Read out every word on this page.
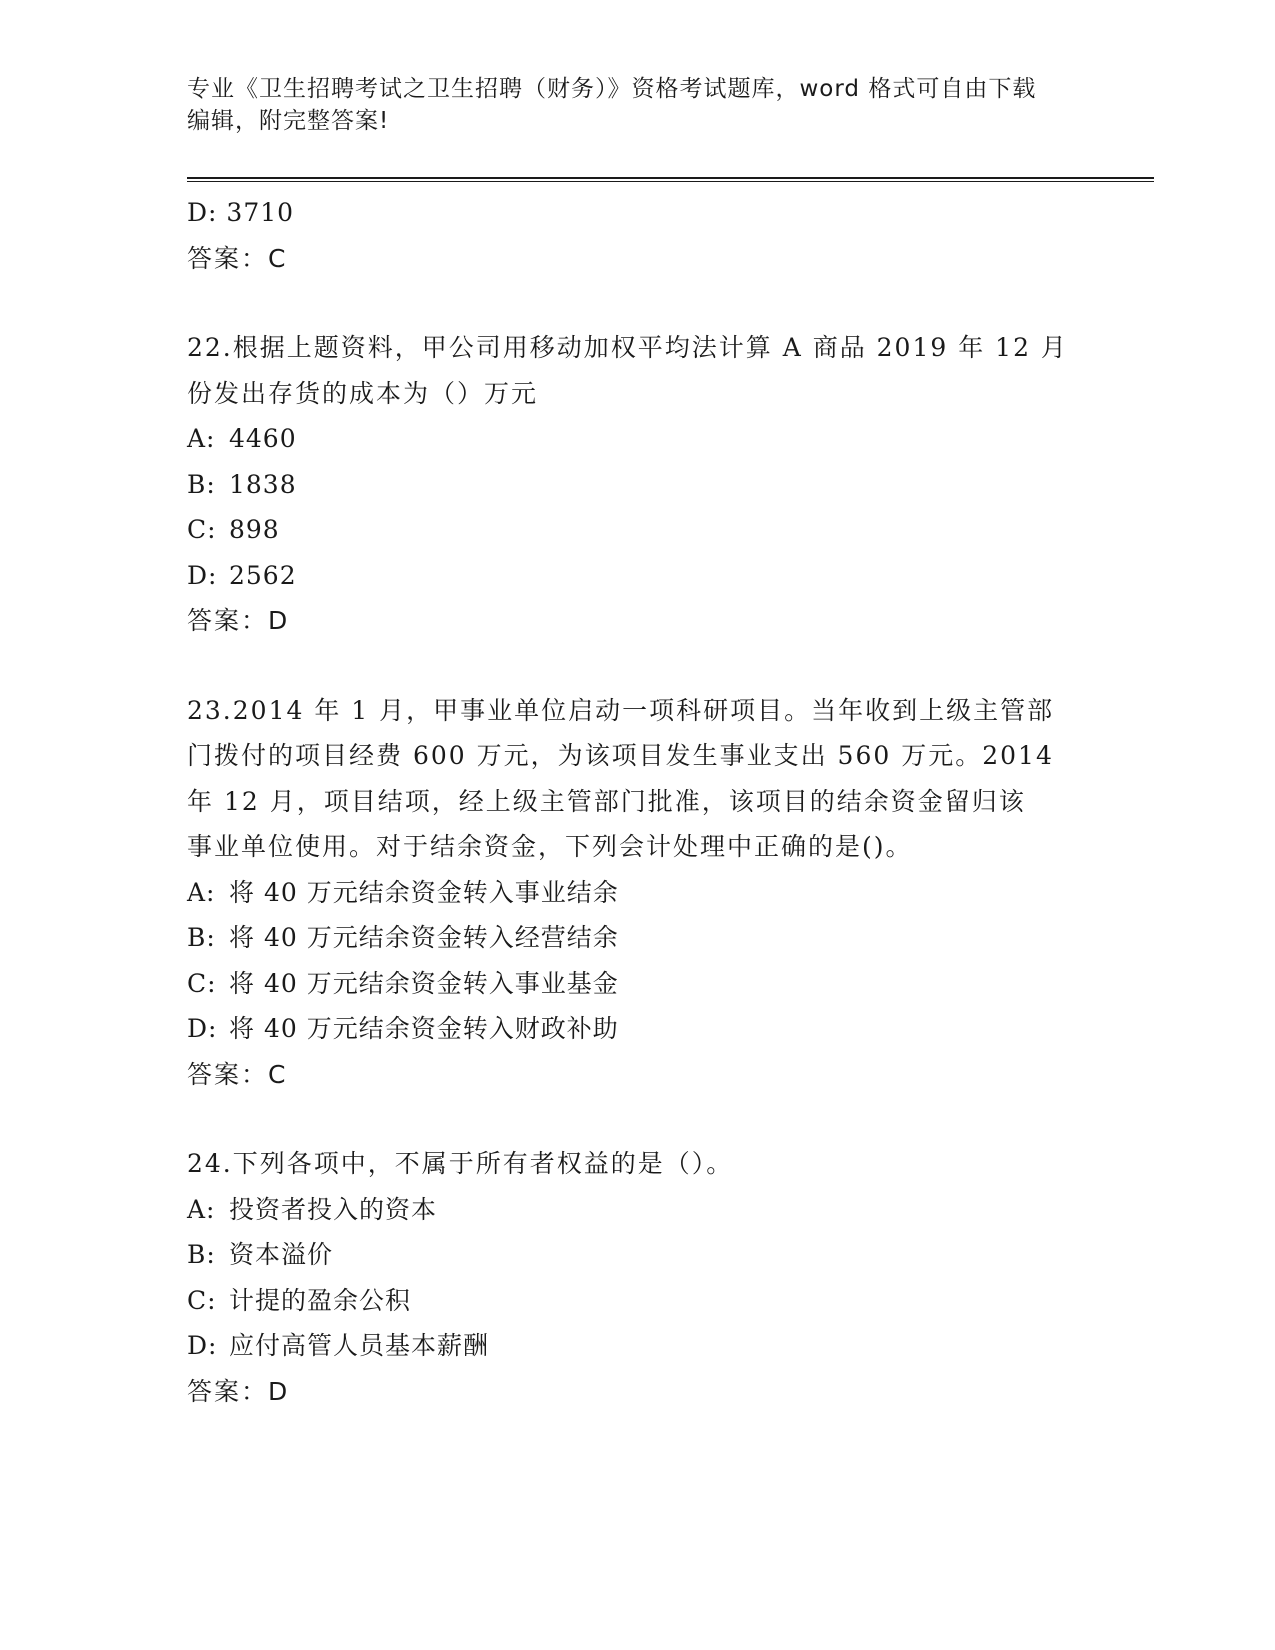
专业《卫生招聘考试之卫生招聘（财务）》资格考试题库，word 格式可自由下载
编辑，附完整答案!
D: 3710
答案：C
22.根据上题资料，甲公司用移动加权平均法计算 A 商品 2019 年 12 月
份发出存货的成本为（）万元
A: 4460
B: 1838
C: 898
D: 2562
答案：D
23.2014 年 1 月，甲事业单位启动一项科研项目。当年收到上级主管部
门拨付的项目经费 600 万元，为该项目发生事业支出 560 万元。2014
年 12 月，项目结项，经上级主管部门批准，该项目的结余资金留归该
事业单位使用。对于结余资金，下列会计处理中正确的是()。
A: 将 40 万元结余资金转入事业结余
B: 将 40 万元结余资金转入经营结余
C: 将 40 万元结余资金转入事业基金
D: 将 40 万元结余资金转入财政补助
答案：C
24.下列各项中，不属于所有者权益的是（）。
A: 投资者投入的资本
B: 资本溢价
C: 计提的盈余公积
D: 应付高管人员基本薪酬
答案：D
